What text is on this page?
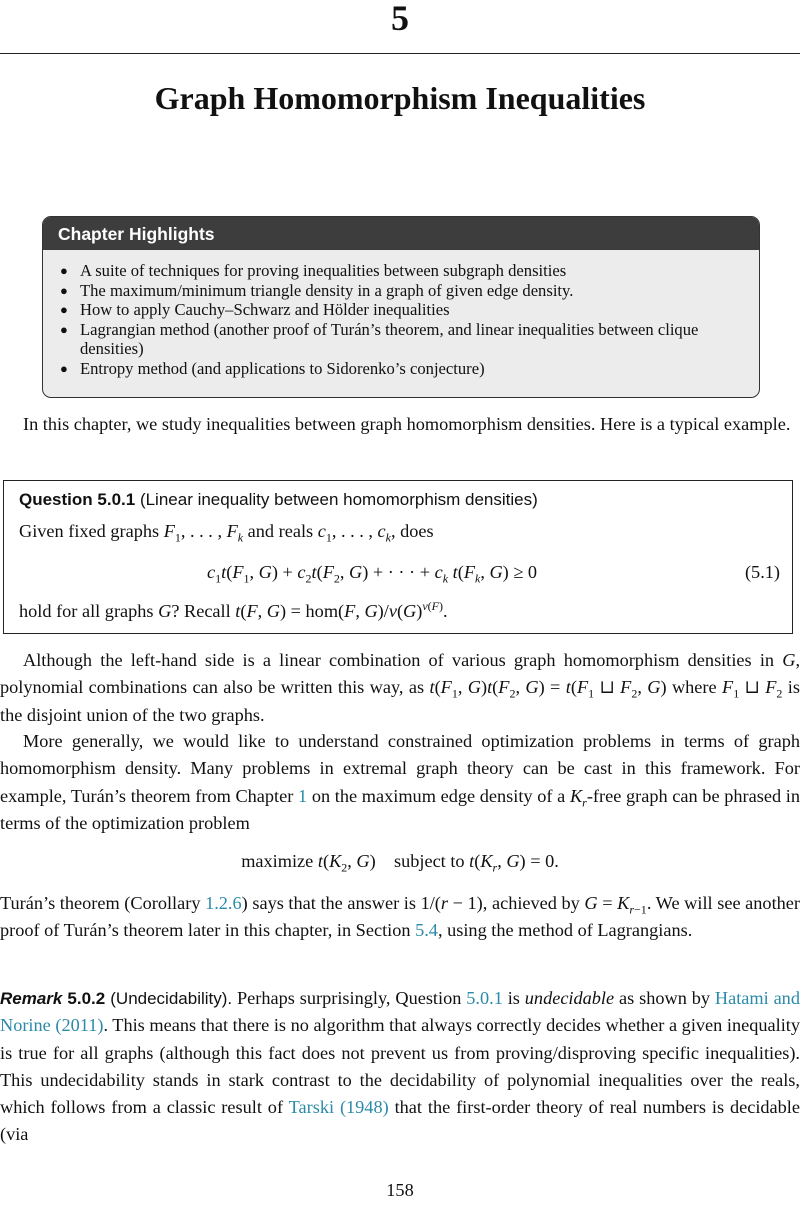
5
Graph Homomorphism Inequalities
Chapter Highlights
● A suite of techniques for proving inequalities between subgraph densities
● The maximum/minimum triangle density in a graph of given edge density.
● How to apply Cauchy–Schwarz and Hölder inequalities
● Lagrangian method (another proof of Turán’s theorem, and linear inequalities between clique densities)
● Entropy method (and applications to Sidorenko’s conjecture)

In this chapter, we study inequalities between graph homomorphism densities. Here is a typical example.

Question 5.0.1 (Linear inequality between homomorphism densities)
Given fixed graphs $F_1$, . . . , $F_k$ and reals $c_1$, . . . , $c_k$, does
$c_1t(F_1$, $G) + c_2t(F_2$, G) + · · · + $c_k$ $t(F_k$, G) ≥ 0	(5.1)
hold for all graphs G? Recall t(F, G) = hom(F, $G)/v(G)^{v(F)}$.

Although the left-hand side is a linear combination of various graph homomorphism densities in G, polynomial combinations can also be written this way, as $t(F_1$, $G)t(F_2$, $G) = t(F_1$ ⊔ $F_2$, G) where $F_1$ ⊔ $F_2$ is the disjoint union of the two graphs.

More generally, we would like to understand constrained optimization problems in terms of graph homomorphism density. Many problems in extremal graph theory can be cast in this framework. For example, Turán’s theorem from Chapter 1 on the maximum edge density of a $K_r$-free graph can be phrased in terms of the optimization problem

maximize $t(K_2$, G)    subject to $t(K_r$, G) = 0.

Turán’s theorem (Corollary 1.2.6) says that the answer is 1/(r − 1), achieved by $G = K_{r-1}$. We will see another proof of Turán’s theorem later in this chapter, in Section 5.4, using the method of Lagrangians.

Remark 5.0.2 (Undecidability). Perhaps surprisingly, Question 5.0.1 is undecidable as shown by Hatami and Norine (2011). This means that there is no algorithm that always correctly decides whether a given inequality is true for all graphs (although this fact does not prevent us from proving/disproving specific inequalities). This undecidability stands in stark contrast to the decidability of polynomial inequalities over the reals, which follows from a classic result of Tarski (1948) that the first-order theory of real numbers is decidable (via

158
